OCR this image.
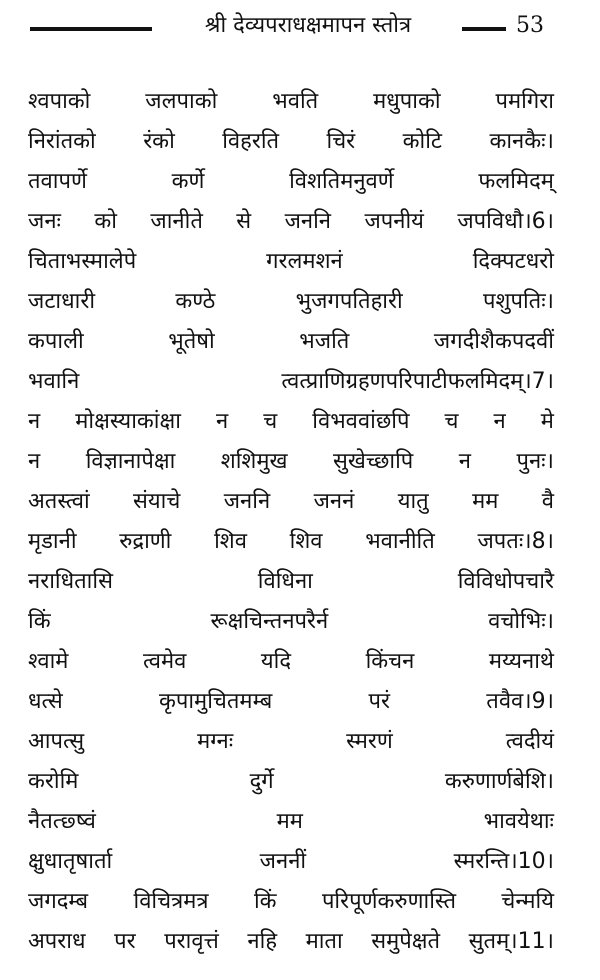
श्री देव्यपराधक्षमापन स्तोत्र	53
श्वपाको जलपाको भवति मधुपाको पमगिरा
निरांतको रंको विहरति चिरं कोटि कानकैः।
तवापर्णे	कर्णे	विशतिमनुवर्णे	फलमिदम्
जनः को जानीते से जननि जपनीयं जपविधौ।6।
चिताभस्मालेपे	गरलमशनं	दिक्पटधरो
जटाधारी	कण्ठे	भुजगपतिहारी	पशुपतिः।
कपाली	भूतेषो	भजति	जगदीशैकपदवीं
भवानि	त्वत्प्राणिग्रहणपरिपाटीफलमिदम्।7।
न मोक्षस्याकांक्षा न च विभववांछपि च न मे
न विज्ञानापेक्षा शशिमुख सुखेच्छापि न पुनः।
अतस्त्वां संयाचे जननि जननं यातु मम वै
मृडानी रुद्राणी शिव शिव भवानीति जपतः।8।
नराधितासि	विधिना	विविधोपचारै
किं	रूक्षचिन्तनपरैर्न	वचोभिः।
श्वामे	त्वमेव	यदि	किंचन	मय्यनाथे
धत्से	कृपामुचितमम्ब	परं	तवैव।9।
आपत्सु	मग्नः	स्मरणं	त्वदीयं
करोमि	दुर्गे	करुणार्णबेशि।
नैतत्छ्ष्वं	मम	भावयेथाः
क्षुधातृषार्ता	जननीं	स्मरन्ति।10।
जगदम्ब विचित्रमत्र किं परिपूर्णकरुणास्ति चेन्मयि
अपराध पर परावृत्तं नहि माता समुपेक्षते सुतम्।11।
